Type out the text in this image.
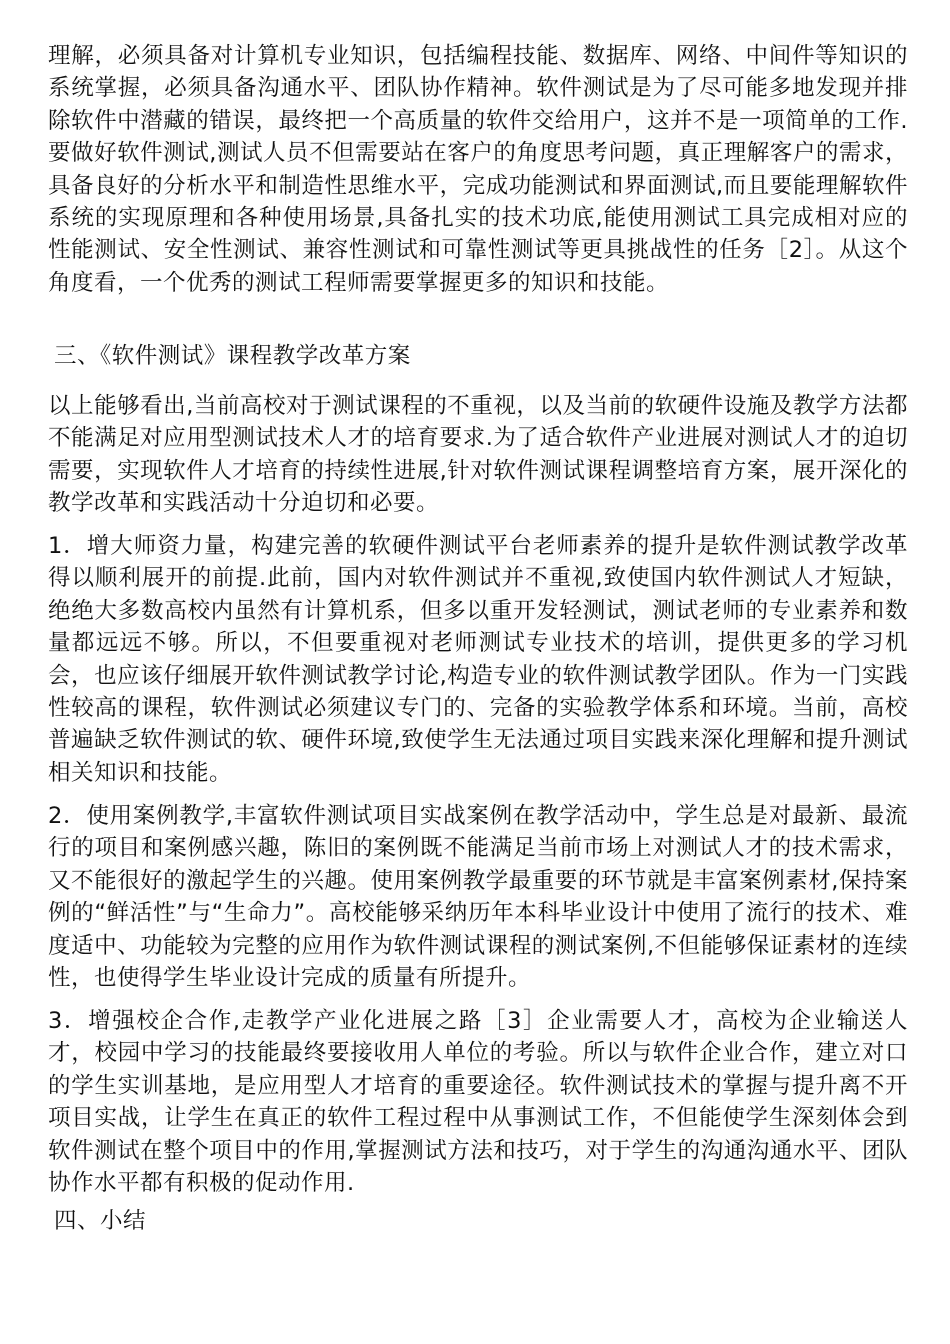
理解，必须具备对计算机专业知识，包括编程技能、数据库、网络、中间件等知识的系统掌握，必须具备沟通水平、团队协作精神。软件测试是为了尽可能多地发现并排除软件中潜藏的错误，最终把一个高质量的软件交给用户，这并不是一项简单的工作.要做好软件测试,测试人员不但需要站在客户的角度思考问题，真正理解客户的需求，具备良好的分析水平和制造性思维水平，完成功能测试和界面测试,而且要能理解软件系统的实现原理和各种使用场景,具备扎实的技术功底,能使用测试工具完成相对应的性能测试、安全性测试、兼容性测试和可靠性测试等更具挑战性的任务［2］。从这个角度看，一个优秀的测试工程师需要掌握更多的知识和技能。
三、《软件测试》课程教学改革方案
以上能够看出,当前高校对于测试课程的不重视，以及当前的软硬件设施及教学方法都不能满足对应用型测试技术人才的培育要求.为了适合软件产业进展对测试人才的迫切需要，实现软件人才培育的持续性进展,针对软件测试课程调整培育方案，展开深化的教学改革和实践活动十分迫切和必要。
1．增大师资力量，构建完善的软硬件测试平台老师素养的提升是软件测试教学改革得以顺利展开的前提.此前，国内对软件测试并不重视,致使国内软件测试人才短缺，绝绝大多数高校内虽然有计算机系，但多以重开发轻测试，测试老师的专业素养和数量都远远不够。所以，不但要重视对老师测试专业技术的培训，提供更多的学习机会，也应该仔细展开软件测试教学讨论,构造专业的软件测试教学团队。作为一门实践性较高的课程，软件测试必须建议专门的、完备的实验教学体系和环境。当前，高校普遍缺乏软件测试的软、硬件环境,致使学生无法通过项目实践来深化理解和提升测试相关知识和技能。
2．使用案例教学,丰富软件测试项目实战案例在教学活动中，学生总是对最新、最流行的项目和案例感兴趣，陈旧的案例既不能满足当前市场上对测试人才的技术需求，又不能很好的激起学生的兴趣。使用案例教学最重要的环节就是丰富案例素材,保持案例的“鲜活性”与“生命力”。高校能够采纳历年本科毕业设计中使用了流行的技术、难度适中、功能较为完整的应用作为软件测试课程的测试案例,不但能够保证素材的连续性，也使得学生毕业设计完成的质量有所提升。
3．增强校企合作,走教学产业化进展之路［3］企业需要人才，高校为企业输送人才，校园中学习的技能最终要接收用人单位的考验。所以与软件企业合作，建立对口的学生实训基地，是应用型人才培育的重要途径。软件测试技术的掌握与提升离不开项目实战，让学生在真正的软件工程过程中从事测试工作，不但能使学生深刻体会到软件测试在整个项目中的作用,掌握测试方法和技巧，对于学生的沟通沟通水平、团队协作水平都有积极的促动作用.
四、小结
